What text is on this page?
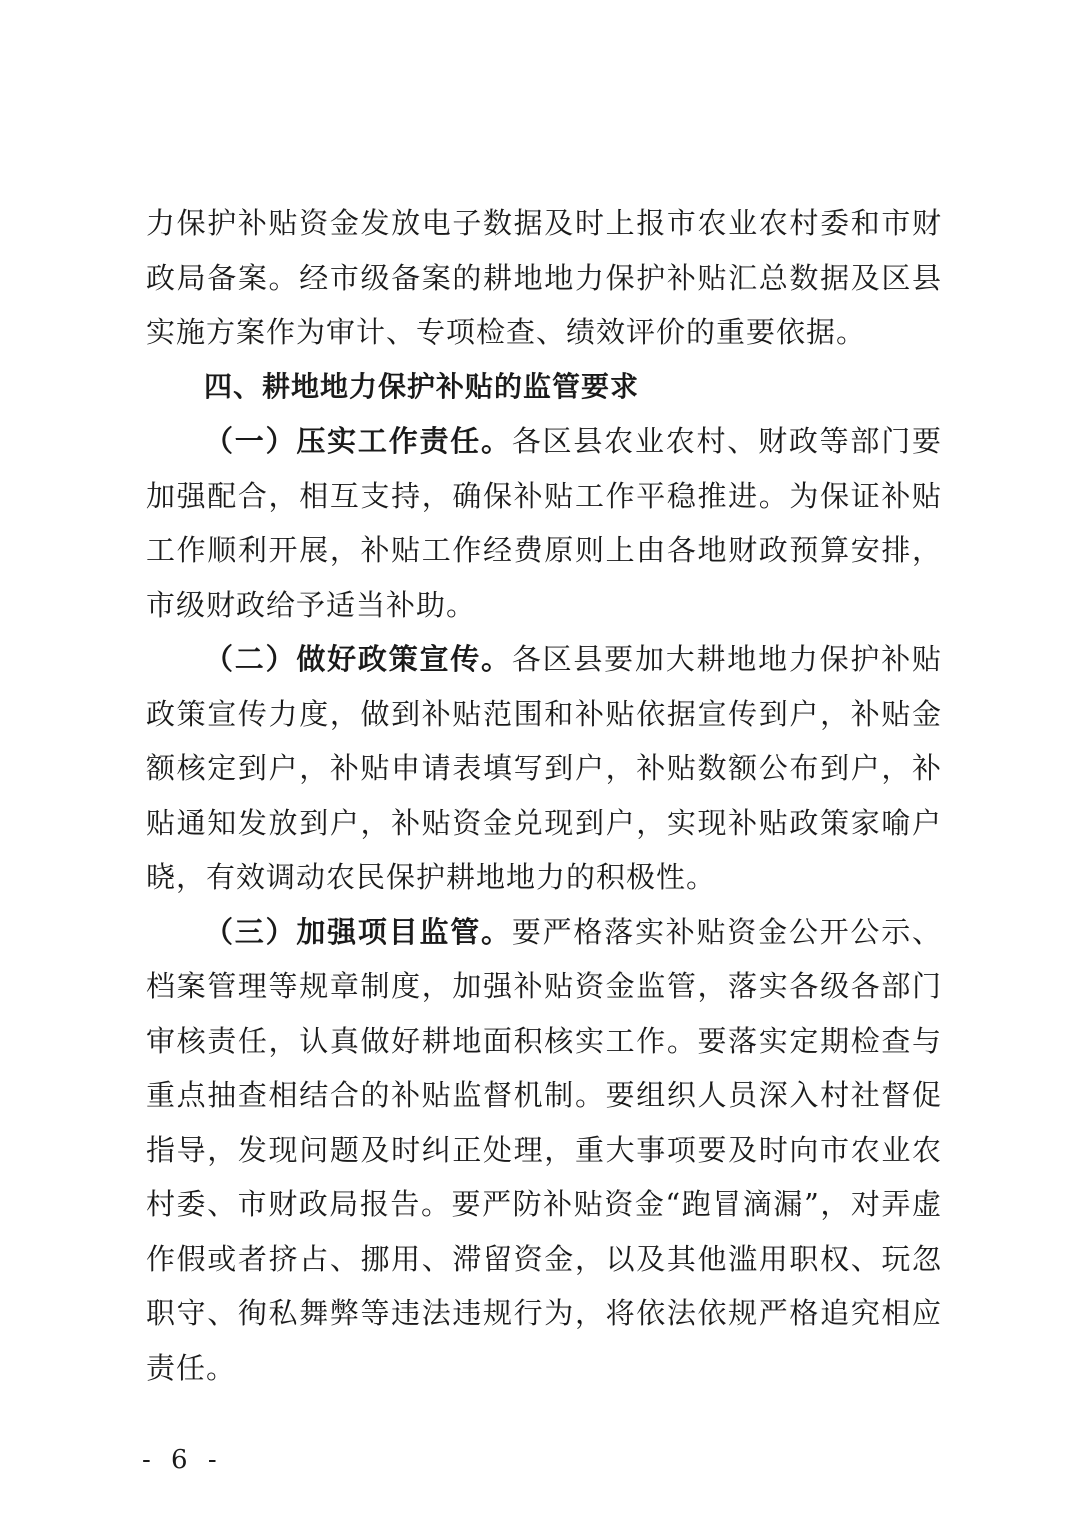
力保护补贴资金发放电子数据及时上报市农业农村委和市财政局备案。经市级备案的耕地地力保护补贴汇总数据及区县实施方案作为审计、专项检查、绩效评价的重要依据。

四、耕地地力保护补贴的监管要求

（一）压实工作责任。各区县农业农村、财政等部门要加强配合，相互支持，确保补贴工作平稳推进。为保证补贴工作顺利开展，补贴工作经费原则上由各地财政预算安排，市级财政给予适当补助。

（二）做好政策宣传。各区县要加大耕地地力保护补贴政策宣传力度，做到补贴范围和补贴依据宣传到户，补贴金额核定到户，补贴申请表填写到户，补贴数额公布到户，补贴通知发放到户，补贴资金兑现到户，实现补贴政策家喻户晓，有效调动农民保护耕地地力的积极性。

（三）加强项目监管。要严格落实补贴资金公开公示、档案管理等规章制度，加强补贴资金监管，落实各级各部门审核责任，认真做好耕地面积核实工作。要落实定期检查与重点抽查相结合的补贴监督机制。要组织人员深入村社督促指导，发现问题及时纠正处理，重大事项要及时向市农业农村委、市财政局报告。要严防补贴资金“跑冒滴漏”，对弄虚作假或者挤占、挪用、滞留资金，以及其他滥用职权、玩忽职守、徇私舞弊等违法违规行为，将依法依规严格追究相应责任。

- 6 -
